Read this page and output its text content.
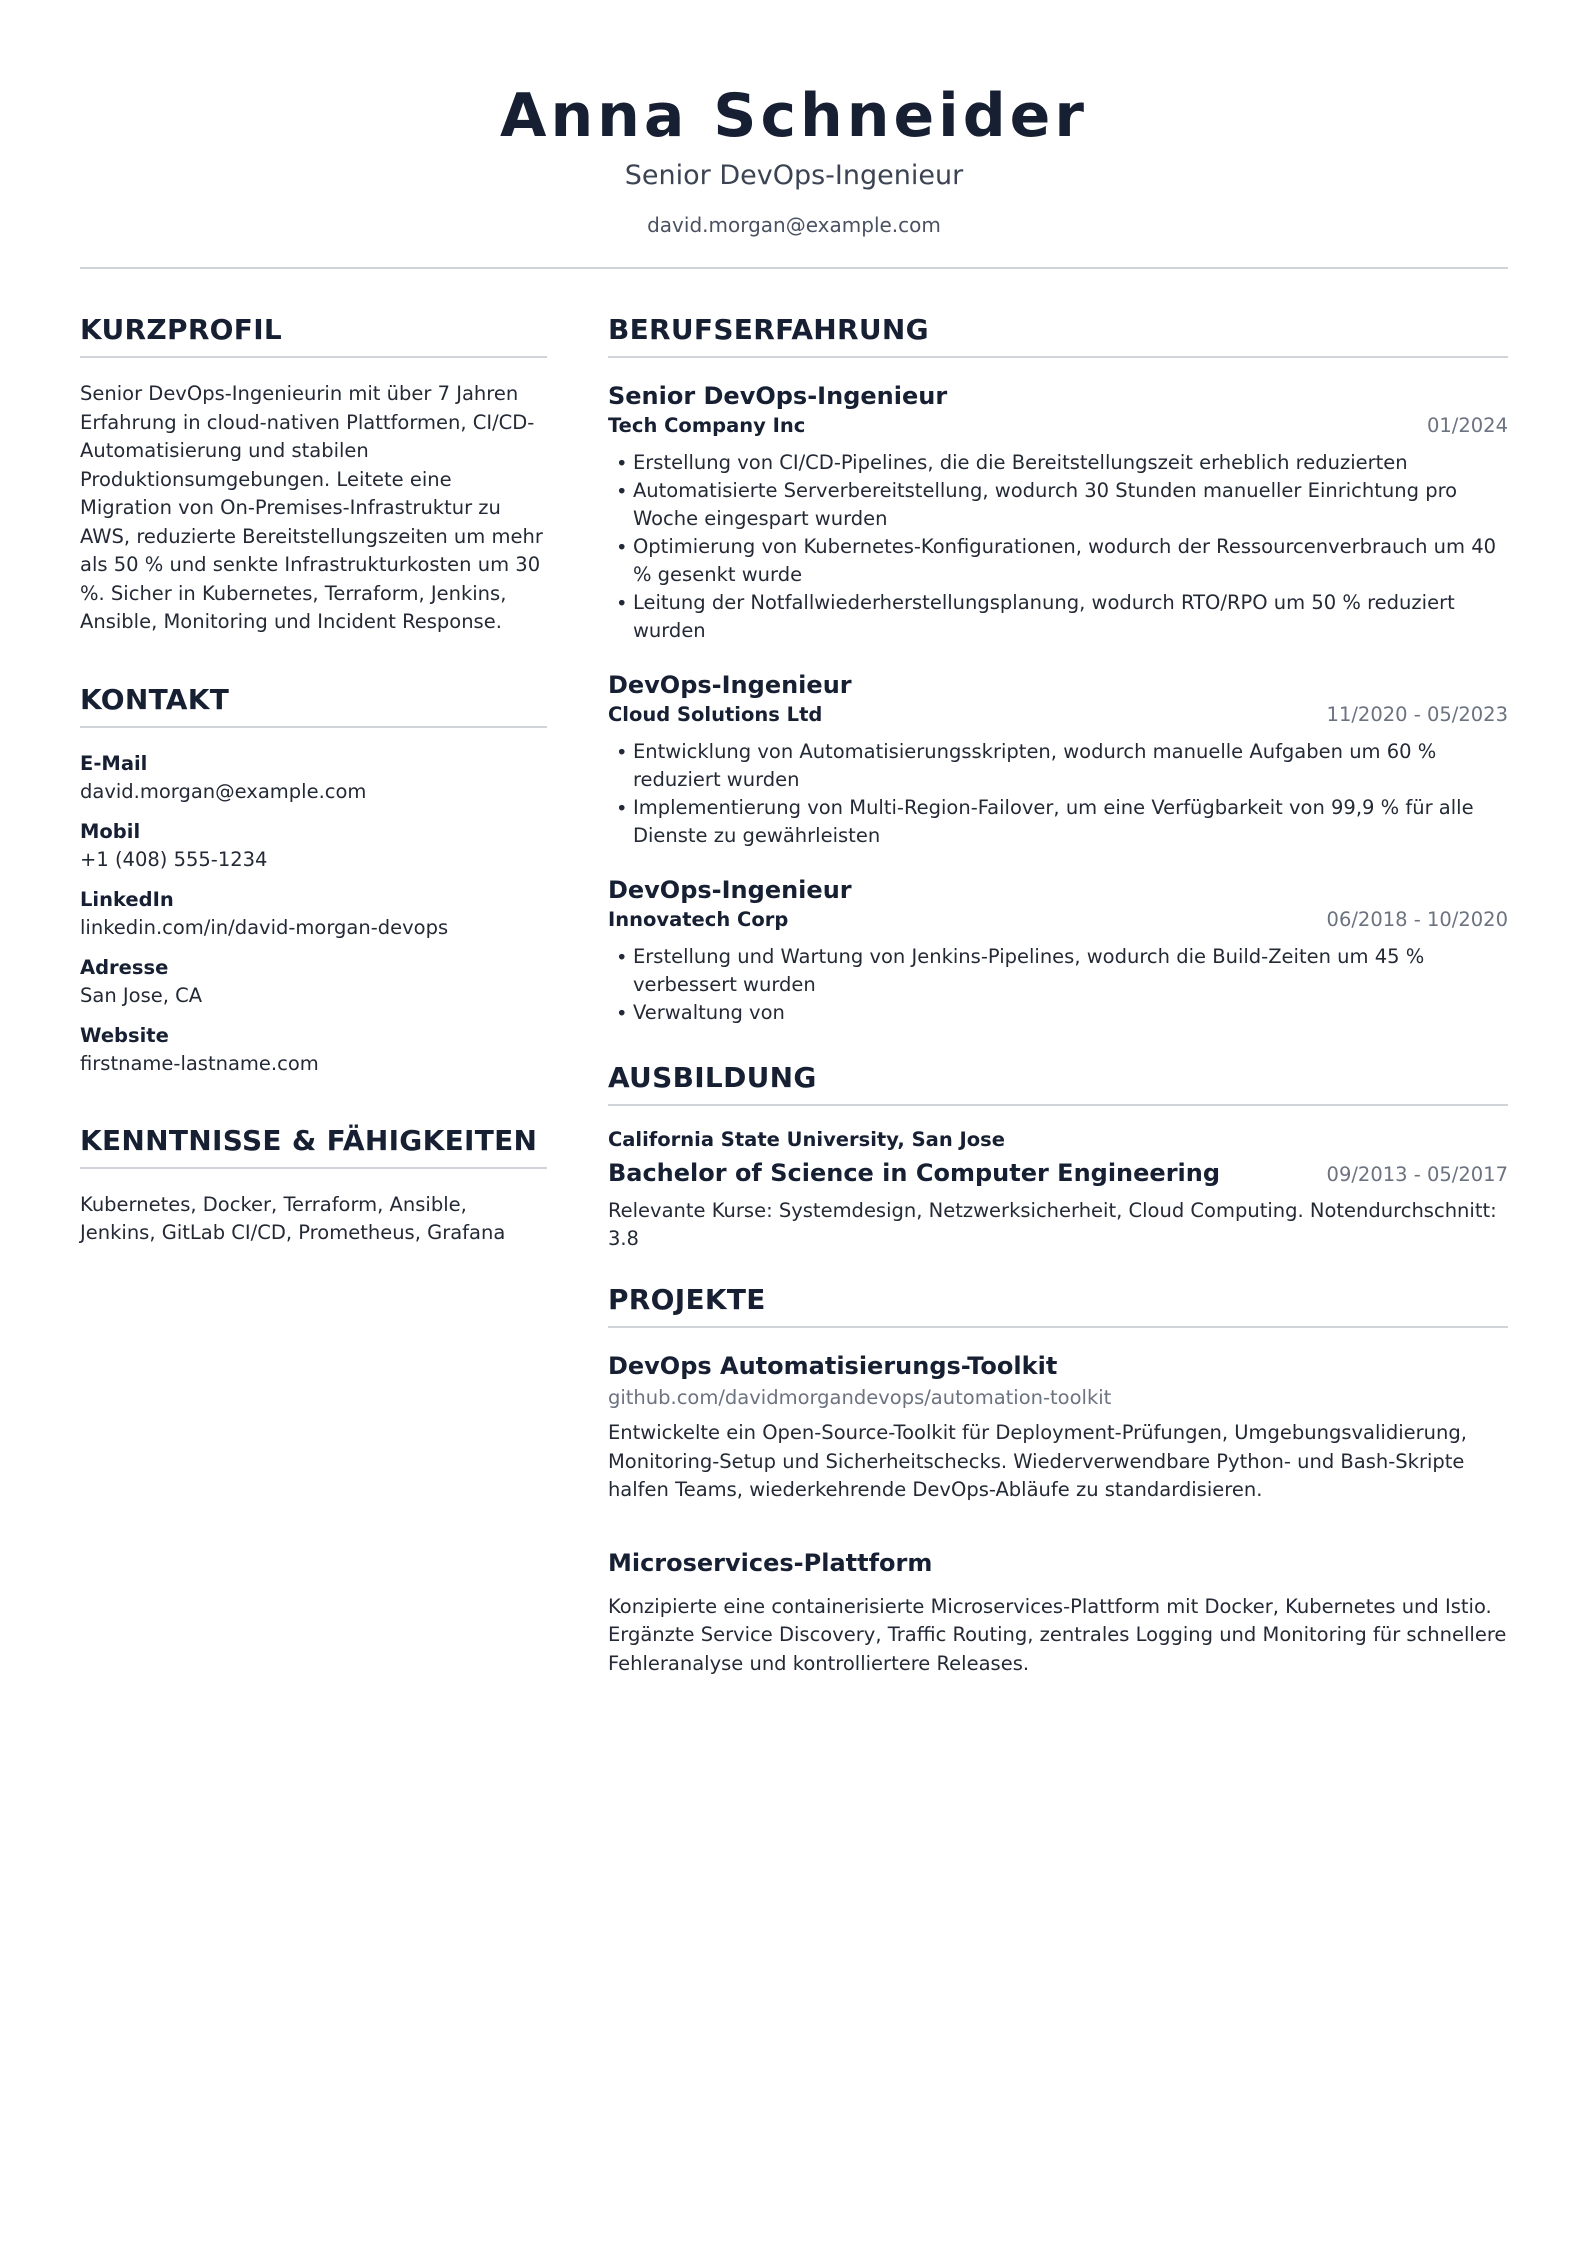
Anna Schneider
Senior DevOps-Ingenieur
david.morgan@example.com
KURZPROFIL
Senior DevOps-Ingenieurin mit über 7 Jahren Erfahrung in cloud-nativen Plattformen, CI/CD-Automatisierung und stabilen Produktionsumgebungen. Leitete eine Migration von On-Premises-Infrastruktur zu AWS, reduzierte Bereitstellungszeiten um mehr als 50 % und senkte Infrastrukturkosten um 30 %. Sicher in Kubernetes, Terraform, Jenkins, Ansible, Monitoring und Incident Response.
KONTAKT
E-Mail
david.morgan@example.com
Mobil
+1 (408) 555-1234
LinkedIn
linkedin.com/in/david-morgan-devops
Adresse
San Jose, CA
Website
firstname-lastname.com
KENNTNISSE & FÄHIGKEITEN
Kubernetes, Docker, Terraform, Ansible, Jenkins, GitLab CI/CD, Prometheus, Grafana
BERUFSERFAHRUNG
Senior DevOps-Ingenieur
Tech Company Inc	01/2024
• Erstellung von CI/CD-Pipelines, die die Bereitstellungszeit erheblich reduzierten
• Automatisierte Serverbereitstellung, wodurch 30 Stunden manueller Einrichtung pro Woche eingespart wurden
• Optimierung von Kubernetes-Konfigurationen, wodurch der Ressourcenverbrauch um 40 % gesenkt wurde
• Leitung der Notfallwiederherstellungsplanung, wodurch RTO/RPO um 50 % reduziert wurden
DevOps-Ingenieur
Cloud Solutions Ltd	11/2020 - 05/2023
• Entwicklung von Automatisierungsskripten, wodurch manuelle Aufgaben um 60 % reduziert wurden
• Implementierung von Multi-Region-Failover, um eine Verfügbarkeit von 99,9 % für alle Dienste zu gewährleisten
DevOps-Ingenieur
Innovatech Corp	06/2018 - 10/2020
• Erstellung und Wartung von Jenkins-Pipelines, wodurch die Build-Zeiten um 45 % verbessert wurden
• Verwaltung von
AUSBILDUNG
California State University, San Jose
Bachelor of Science in Computer Engineering	09/2013 - 05/2017
Relevante Kurse: Systemdesign, Netzwerksicherheit, Cloud Computing. Notendurchschnitt: 3.8
PROJEKTE
DevOps Automatisierungs-Toolkit
github.com/davidmorgandevops/automation-toolkit
Entwickelte ein Open-Source-Toolkit für Deployment-Prüfungen, Umgebungsvalidierung, Monitoring-Setup und Sicherheitschecks. Wiederverwendbare Python- und Bash-Skripte halfen Teams, wiederkehrende DevOps-Abläufe zu standardisieren.
Microservices-Plattform
Konzipierte eine containerisierte Microservices-Plattform mit Docker, Kubernetes und Istio. Ergänzte Service Discovery, Traffic Routing, zentrales Logging und Monitoring für schnellere Fehleranalyse und kontrolliertere Releases.
